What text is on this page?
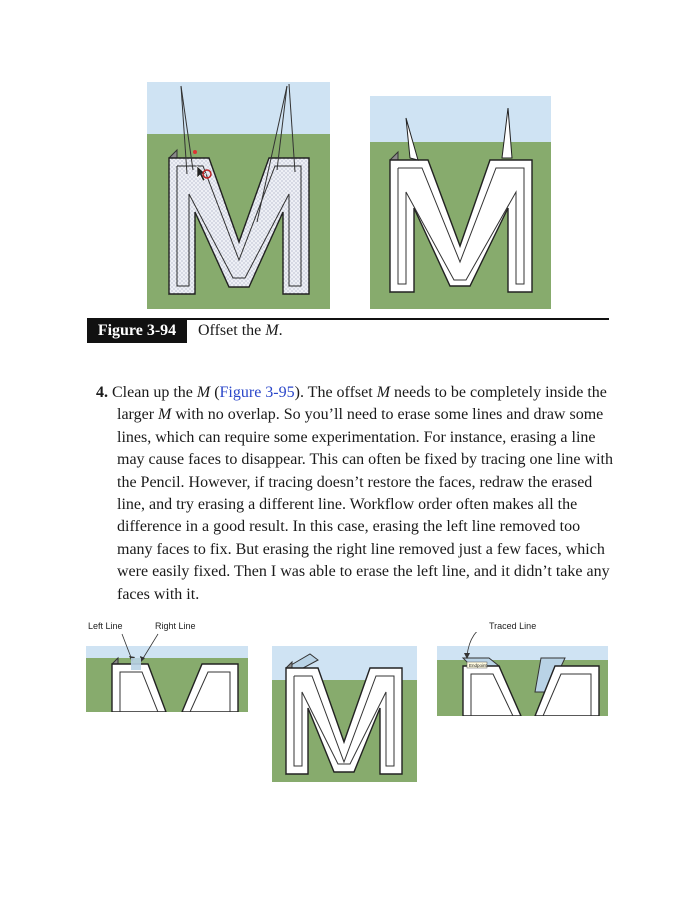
Figure 3-94	Offset the M.

4. Clean up the M (Figure 3-95). The offset M needs to be completely inside the larger M with no overlap. So you’ll need to erase some lines and draw some lines, which can require some experimentation. For instance, erasing a line may cause faces to disappear. This can often be fixed by tracing one line with the Pencil. However, if tracing doesn’t restore the faces, redraw the erased line, and try erasing a different line. Workflow order often makes all the difference in a good result. In this case, erasing the left line removed too many faces to fix. But erasing the right line removed just a few faces, which were easily fixed. Then I was able to erase the left line, and it didn’t take any faces with it.

Left Line	Right Line	Traced Line
Endpoint
